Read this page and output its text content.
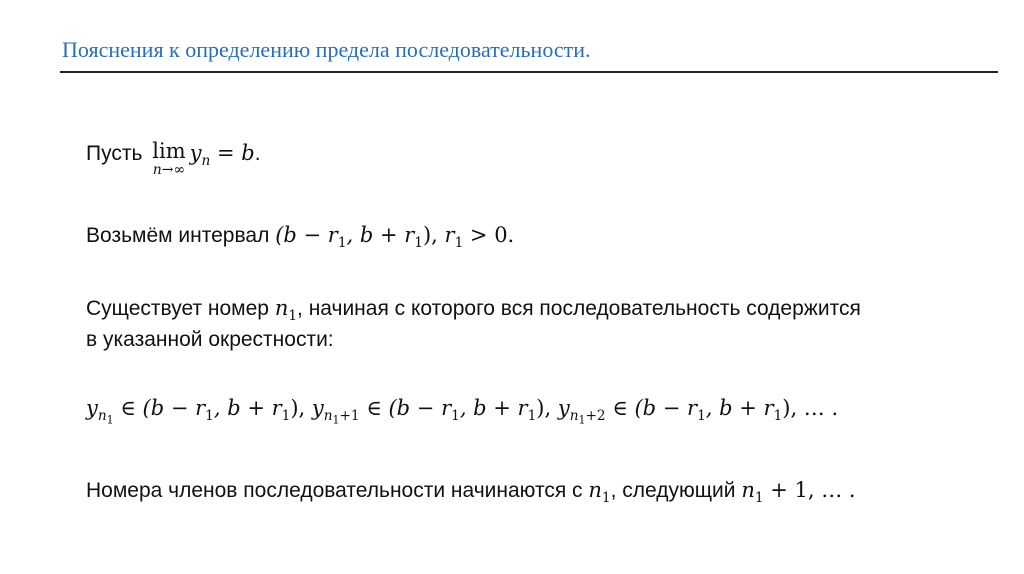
Пояснения к определению предела последовательности.
Пусть lim
n→∞
$y_n = b$.
Возьмём интервал ($b - r_1$, $b + r_1$), $r_1 > 0$.
Существует номер $n_1$, начиная с которого вся последовательность содержится
в указанной окрестности:
$y_{n_1}$ ∈ ($b - r_1$, $b + r_1$), $y_{n_1+1}$ ∈ ($b - r_1$, $b + r_1$), $y_{n_1+2}$ ∈ ($b - r_1$, $b + r_1$), … .
Номера членов последовательности начинаются с $n_1$, следующий $n_1 + 1$, … .
